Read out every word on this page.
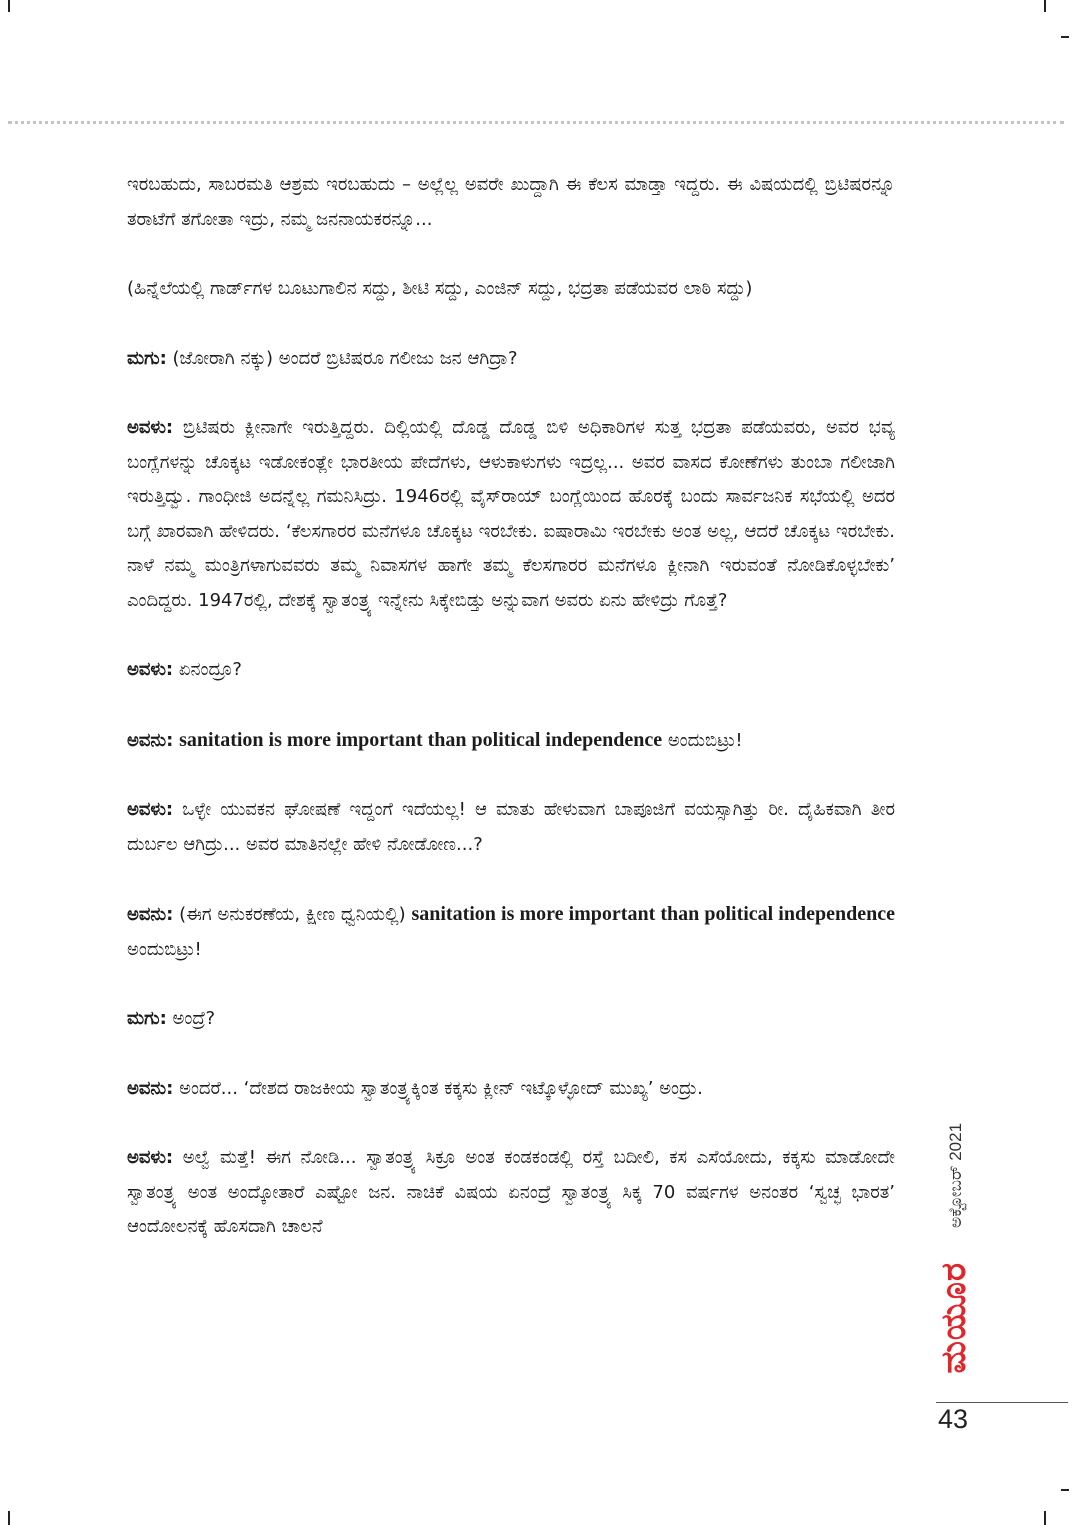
ಇರಬಹುದು, ಸಾಬರಮತಿ ಆಶ್ರಮ ಇರಬಹುದು – ಅಲ್ಲೆಲ್ಲ ಅವರೇ ಖುದ್ದಾಗಿ ಈ ಕೆಲಸ ಮಾಡ್ತಾ ಇದ್ದರು. ಈ ವಿಷಯದಲ್ಲಿ ಬ್ರಿಟಿಷರನ್ನೂ ತರಾಟೆಗೆ ತಗೋತಾ ಇದ್ರು, ನಮ್ಮ ಜನನಾಯಕರನ್ನೂ...

(ಹಿನ್ನೆಲೆಯಲ್ಲಿ ಗಾರ್ಡ್‌ಗಳ ಬೂಟುಗಾಲಿನ ಸದ್ದು, ಶೀಟಿ ಸದ್ದು, ಎಂಜಿನ್ ಸದ್ದು, ಭದ್ರತಾ ಪಡೆಯವರ ಲಾಠಿ ಸದ್ದು)

ಮಗು: (ಜೋರಾಗಿ ನಕ್ಕು) ಅಂದರೆ ಬ್ರಿಟಿಷರೂ ಗಲೀಜು ಜನ ಆಗಿದ್ರಾ?

ಅವಳು: ಬ್ರಿಟಿಷರು ಕ್ಲೀನಾಗೇ ಇರುತ್ತಿದ್ದರು. ದಿಲ್ಲಿಯಲ್ಲಿ ದೊಡ್ಡ ದೊಡ್ಡ ಬಿಳಿ ಅಧಿಕಾರಿಗಳ ಸುತ್ತ ಭದ್ರತಾ ಪಡೆಯವರು, ಅವರ ಭವ್ಯ ಬಂಗ್ಲೆಗಳನ್ನು ಚೊಕ್ಕಟ ಇಡೋಕಂತ್ಲೇ ಭಾರತೀಯ ಪೇದೆಗಳು, ಆಳುಕಾಳುಗಳು ಇದ್ರಲ್ಲ... ಅವರ ವಾಸದ ಕೋಣೆಗಳು ತುಂಬಾ ಗಲೀಜಾಗಿ ಇರುತ್ತಿದ್ವು. ಗಾಂಧೀಜಿ ಅದನ್ನೆಲ್ಲ ಗಮನಿಸಿದ್ರು. 1946ರಲ್ಲಿ ವೈಸ್‌ರಾಯ್ ಬಂಗ್ಲೆಯಿಂದ ಹೊರಕ್ಕೆ ಬಂದು ಸಾರ್ವಜನಿಕ ಸಭೆಯಲ್ಲಿ ಅದರ ಬಗ್ಗೆ ಖಾರವಾಗಿ ಹೇಳಿದರು. ‘ಕೆಲಸಗಾರರ ಮನೆಗಳೂ ಚೊಕ್ಕಟ ಇರಬೇಕು. ಐಷಾರಾಮಿ ಇರಬೇಕು ಅಂತ ಅಲ್ಲ, ಆದರೆ ಚೊಕ್ಕಟ ಇರಬೇಕು. ನಾಳೆ ನಮ್ಮ ಮಂತ್ರಿಗಳಾಗುವವರು ತಮ್ಮ ನಿವಾಸಗಳ ಹಾಗೇ ತಮ್ಮ ಕೆಲಸಗಾರರ ಮನೆಗಳೂ ಕ್ಲೀನಾಗಿ ಇರುವಂತೆ ನೋಡಿಕೊಳ್ಳಬೇಕು’ ಎಂದಿದ್ದರು. 1947ರಲ್ಲಿ, ದೇಶಕ್ಕೆ ಸ್ವಾತಂತ್ರ್ಯ ಇನ್ನೇನು ಸಿಕ್ಕೇಬಿಡ್ತು ಅನ್ನುವಾಗ ಅವರು ಏನು ಹೇಳಿದ್ರು ಗೊತ್ತೆ?

ಅವಳು: ಏನಂದ್ರೂ?

ಅವನು: sanitation is more important than political independence ಅಂದುಬಿಟ್ರು!

ಅವಳು: ಒಳ್ಳೇ ಯುವಕನ ಘೋಷಣೆ ಇದ್ದಂಗೆ ಇದೆಯಲ್ಲ! ಆ ಮಾತು ಹೇಳುವಾಗ ಬಾಪೂಜಿಗೆ ವಯಸ್ಸಾಗಿತ್ತು ರೀ. ದೈಹಿಕವಾಗಿ ತೀರ ದುರ್ಬಲ ಆಗಿದ್ರು... ಅವರ ಮಾತಿನಲ್ಲೇ ಹೇಳಿ ನೋಡೋಣ...?

ಅವನು: (ಈಗ ಅನುಕರಣೆಯ, ಕ್ಷೀಣ ಧ್ವನಿಯಲ್ಲಿ) sanitation is more important than political independence ಅಂದುಬಿಟ್ರು!

ಮಗು: ಅಂದ್ರೆ?

ಅವನು: ಅಂದರೆ... ‘ದೇಶದ ರಾಜಕೀಯ ಸ್ವಾತಂತ್ರ್ಯಕ್ಕಿಂತ ಕಕ್ಕಸು ಕ್ಲೀನ್ ಇಟ್ಕೊಳ್ಳೋದ್ ಮುಖ್ಯ’ ಅಂದ್ರು.

ಅವಳು: ಅಲ್ವೆ ಮತ್ತೆ! ಈಗ ನೋಡಿ... ಸ್ವಾತಂತ್ರ್ಯ ಸಿಕ್ರೂ ಅಂತ ಕಂಡಕಂಡಲ್ಲಿ ರಸ್ತೆ ಬದೀಲಿ, ಕಸ ಎಸೆಯೋದು, ಕಕ್ಕಸು ಮಾಡೋದೇ ಸ್ವಾತಂತ್ರ್ಯ ಅಂತ ಅಂದ್ಕೋತಾರೆ ಎಷ್ಟೋ ಜನ. ನಾಚಿಕೆ ವಿಷಯ ಏನಂದ್ರೆ ಸ್ವಾತಂತ್ರ್ಯ ಸಿಕ್ಕ 70 ವರ್ಷಗಳ ಅನಂತರ ‘ಸ್ವಚ್ಛ ಭಾರತ’ ಆಂದೋಲನಕ್ಕೆ ಹೊಸದಾಗಿ ಚಾಲನೆ	ಅಕ್ಟೋಬರ್ 2021
ಮಯೂರ
43
